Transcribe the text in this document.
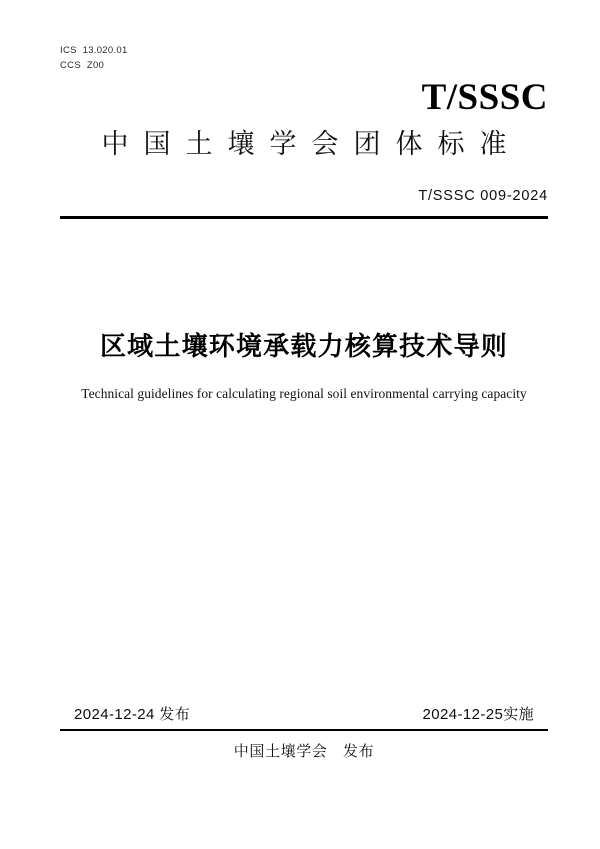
ICS  13.020.01
CCS  Z00
T/SSSC
中国土壤学会团体标准
T/SSSC 009-2024
区域土壤环境承载力核算技术导则
Technical guidelines for calculating regional soil environmental carrying capacity
2024-12-24 发布	2024-12-25实施
中国土壤学会　发布
